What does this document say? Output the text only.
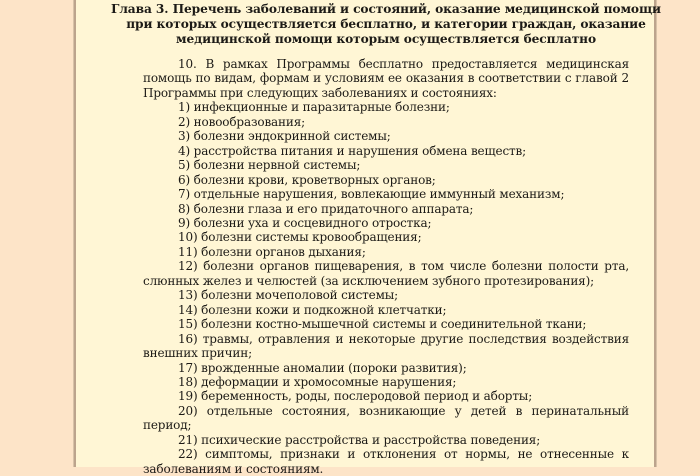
Глава 3. Перечень заболеваний и состояний, оказание медицинской помощи при которых осуществляется бесплатно, и категории граждан, оказание медицинской помощи которым осуществляется бесплатно

10. В рамках Программы бесплатно предоставляется медицинская помощь по видам, формам и условиям ее оказания в соответствии с главой 2 Программы при следующих заболеваниях и состояниях:

1) инфекционные и паразитарные болезни;

2) новообразования;

3) болезни эндокринной системы;

4) расстройства питания и нарушения обмена веществ;

5) болезни нервной системы;

6) болезни крови, кроветворных органов;

7) отдельные нарушения, вовлекающие иммунный механизм;

8) болезни глаза и его придаточного аппарата;

9) болезни уха и сосцевидного отростка;

10) болезни системы кровообращения;

11) болезни органов дыхания;

12) болезни органов пищеварения, в том числе болезни полости рта, слюнных желез и челюстей (за исключением зубного протезирования);

13) болезни мочеполовой системы;

14) болезни кожи и подкожной клетчатки;

15) болезни костно-мышечной системы и соединительной ткани;

16) травмы, отравления и некоторые другие последствия воздействия внешних причин;

17) врожденные аномалии (пороки развития);

18) деформации и хромосомные нарушения;

19) беременность, роды, послеродовой период и аборты;

20) отдельные состояния, возникающие у детей в перинатальный период;

21) психические расстройства и расстройства поведения;

22) симптомы, признаки и отклонения от нормы, не отнесенные к заболеваниям и состояниям.
